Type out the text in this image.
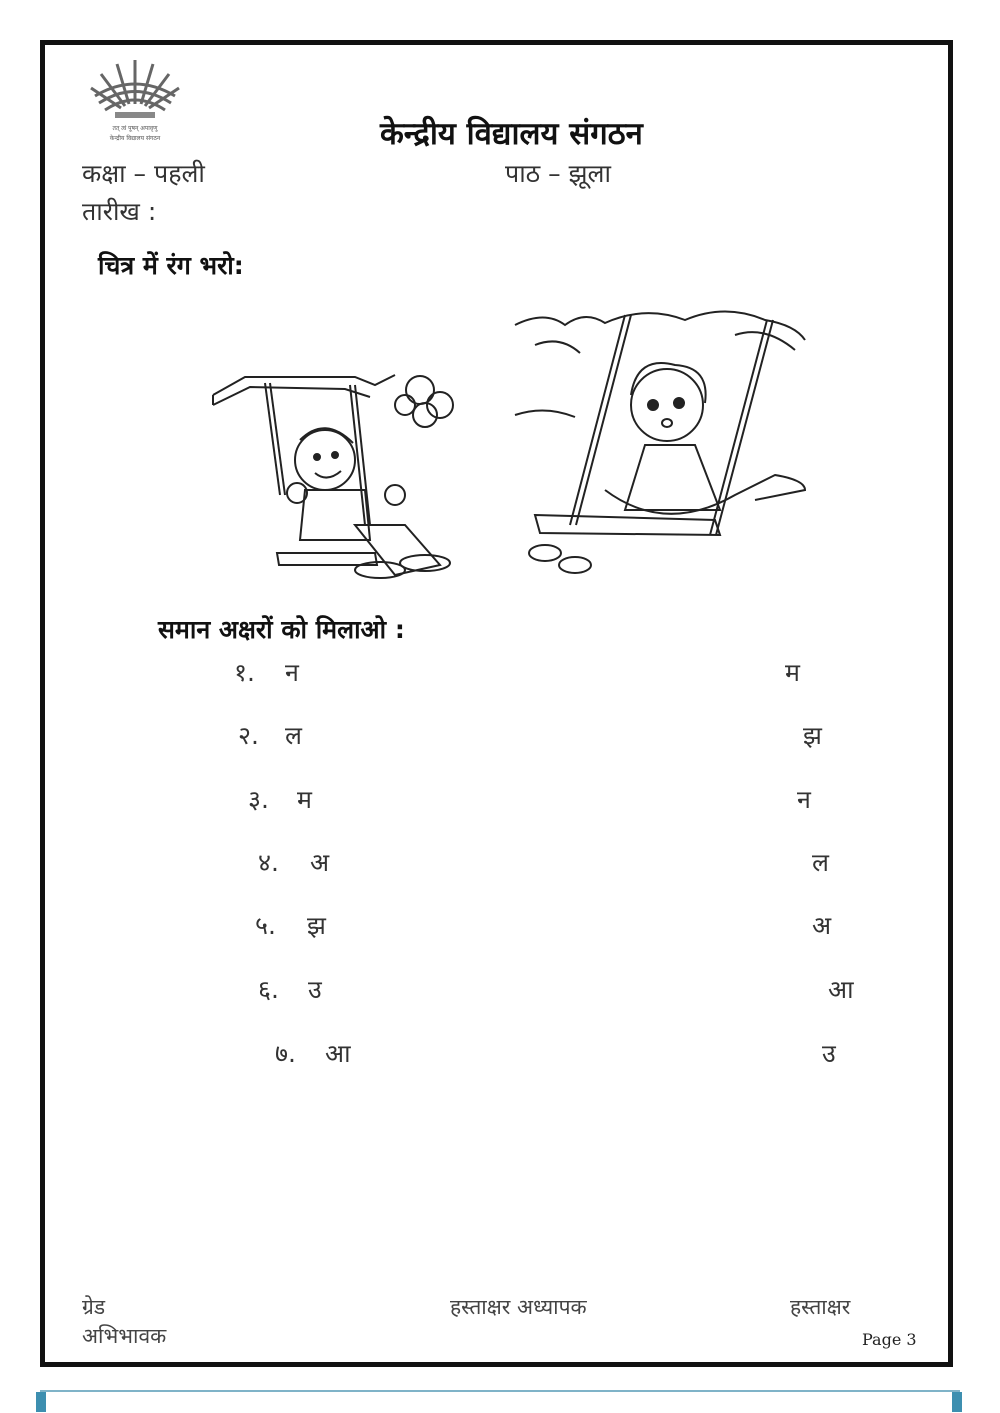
तत् त्वं पूषन् अपावृणु
केन्द्रीय विद्यालय संगठन	केन्द्रीय विद्यालय संगठन
कक्षा – पहली	पाठ – झूला
तारीख :
चित्र में रंग भरो:
समान अक्षरों को मिलाओ :
१. न	म
२. ल	झ
३. म	न
४. अ	ल
५. झ	अ
६. उ	आ
७. आ	उ
ग्रेड
अभिभावक
हस्ताक्षर अध्यापक	हस्ताक्षर
Page 3
